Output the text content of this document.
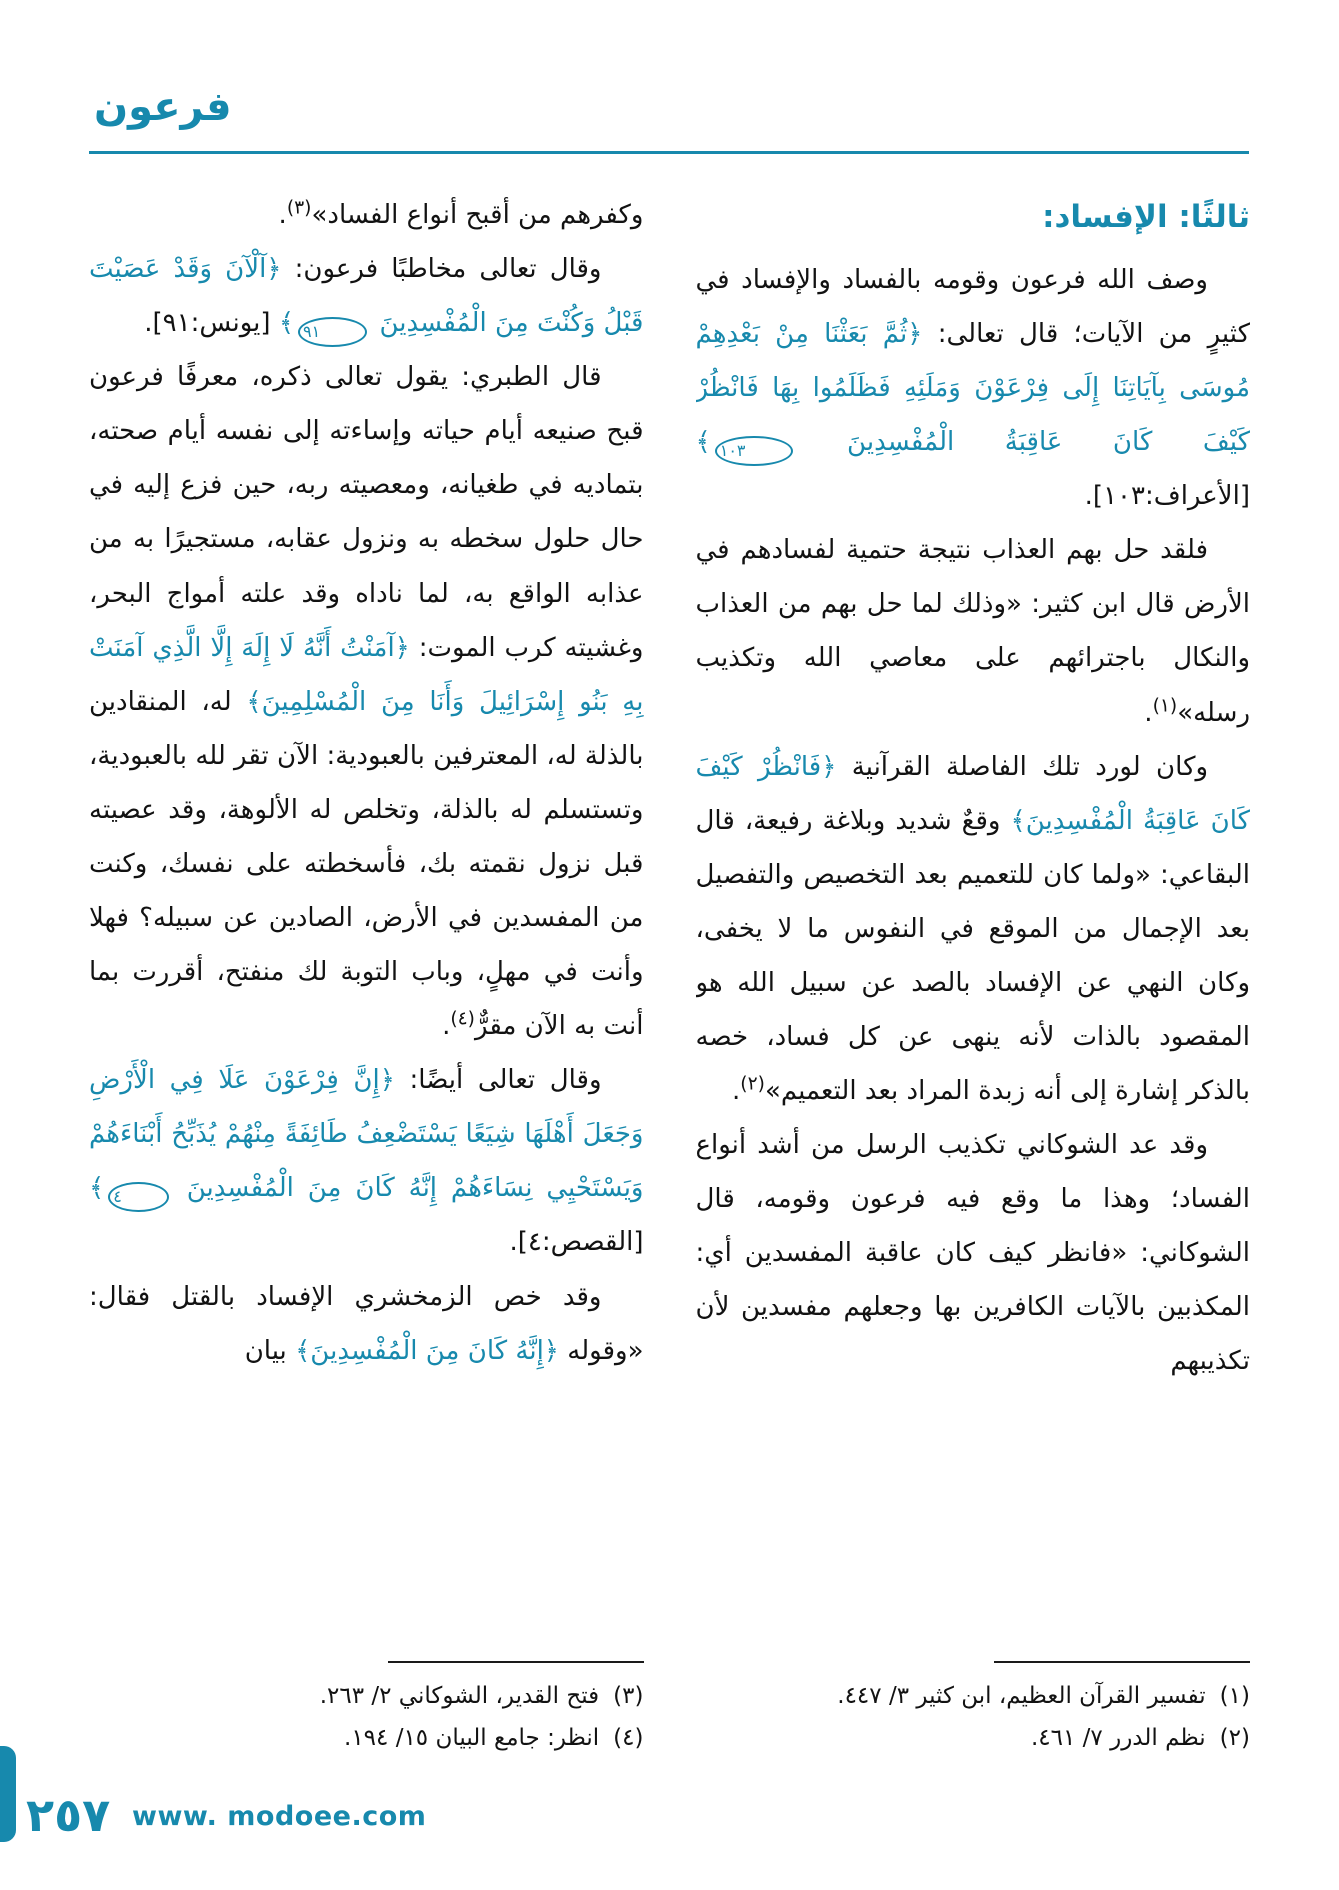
فرعون
ثالثًا: الإفساد:

وصف الله فرعون وقومه بالفساد والإفساد في كثيرٍ من الآيات؛ قال تعالى: ﴿ثُمَّ بَعَثْنَا مِنْ بَعْدِهِمْ مُوسَى بِآيَاتِنَا إِلَى فِرْعَوْنَ وَمَلَئِهِ فَظَلَمُوا بِهَا فَانْظُرْ كَيْفَ كَانَ عَاقِبَةُ الْمُفْسِدِينَ ١٠٣﴾ [الأعراف:١٠٣].

فلقد حل بهم العذاب نتيجة حتمية لفسادهم في الأرض قال ابن كثير: «وذلك لما حل بهم من العذاب والنكال باجترائهم على معاصي الله وتكذيب رسله»$^{(١)}$.

وكان لورد تلك الفاصلة القرآنية ﴿فَانْظُرْ كَيْفَ كَانَ عَاقِبَةُ الْمُفْسِدِينَ﴾ وقعٌ شديد وبلاغة رفيعة، قال البقاعي: «ولما كان للتعميم بعد التخصيص والتفصيل بعد الإجمال من الموقع في النفوس ما لا يخفى، وكان النهي عن الإفساد بالصد عن سبيل الله هو المقصود بالذات لأنه ينهى عن كل فساد، خصه بالذكر إشارة إلى أنه زبدة المراد بعد التعميم»$^{(٢)}$.

وقد عد الشوكاني تكذيب الرسل من أشد أنواع الفساد؛ وهذا ما وقع فيه فرعون وقومه، قال الشوكاني: «فانظر كيف كان عاقبة المفسدين أي: المكذبين بالآيات الكافرين بها وجعلهم مفسدين لأن تكذيبهم

(١)
تفسير القرآن العظيم، ابن كثير ٣/ ٤٤٧.
(٢)
نظم الدرر ٧/ ٤٦١.

وكفرهم من أقبح أنواع الفساد»$^{(٣)}$.

وقال تعالى مخاطبًا فرعون: ﴿آلْآنَ وَقَدْ عَصَيْتَ قَبْلُ وَكُنْتَ مِنَ الْمُفْسِدِينَ ٩١﴾ [يونس:٩١].

قال الطبري: يقول تعالى ذكره، معرفًا فرعون قبح صنيعه أيام حياته وإساءته إلى نفسه أيام صحته، بتماديه في طغيانه، ومعصيته ربه، حين فزع إليه في حال حلول سخطه به ونزول عقابه، مستجيرًا به من عذابه الواقع به، لما ناداه وقد علته أمواج البحر، وغشيته كرب الموت: ﴿آمَنْتُ أَنَّهُ لَا إِلَهَ إِلَّا الَّذِي آمَنَتْ بِهِ بَنُو إِسْرَائِيلَ وَأَنَا مِنَ الْمُسْلِمِينَ﴾ له، المنقادين بالذلة له، المعترفين بالعبودية: الآن تقر لله بالعبودية، وتستسلم له بالذلة، وتخلص له الألوهة، وقد عصيته قبل نزول نقمته بك، فأسخطته على نفسك، وكنت من المفسدين في الأرض، الصادين عن سبيله؟ فهلا وأنت في مهلٍ، وباب التوبة لك منفتح، أقررت بما أنت به الآن مقرٌّ$^{(٤)}$.

وقال تعالى أيضًا: ﴿إِنَّ فِرْعَوْنَ عَلَا فِي الْأَرْضِ وَجَعَلَ أَهْلَهَا شِيَعًا يَسْتَضْعِفُ طَائِفَةً مِنْهُمْ يُذَبِّحُ أَبْنَاءَهُمْ وَيَسْتَحْيِي نِسَاءَهُمْ إِنَّهُ كَانَ مِنَ الْمُفْسِدِينَ ٤﴾ [القصص:٤].

وقد خص الزمخشري الإفساد بالقتل فقال: «وقوله ﴿إِنَّهُ كَانَ مِنَ الْمُفْسِدِينَ﴾ بيان

(٣)
فتح القدير، الشوكاني ٢/ ٢٦٣.
(٤)
انظر: جامع البيان ١٥/ ١٩٤.
٢٥٧ www. modoee.com
